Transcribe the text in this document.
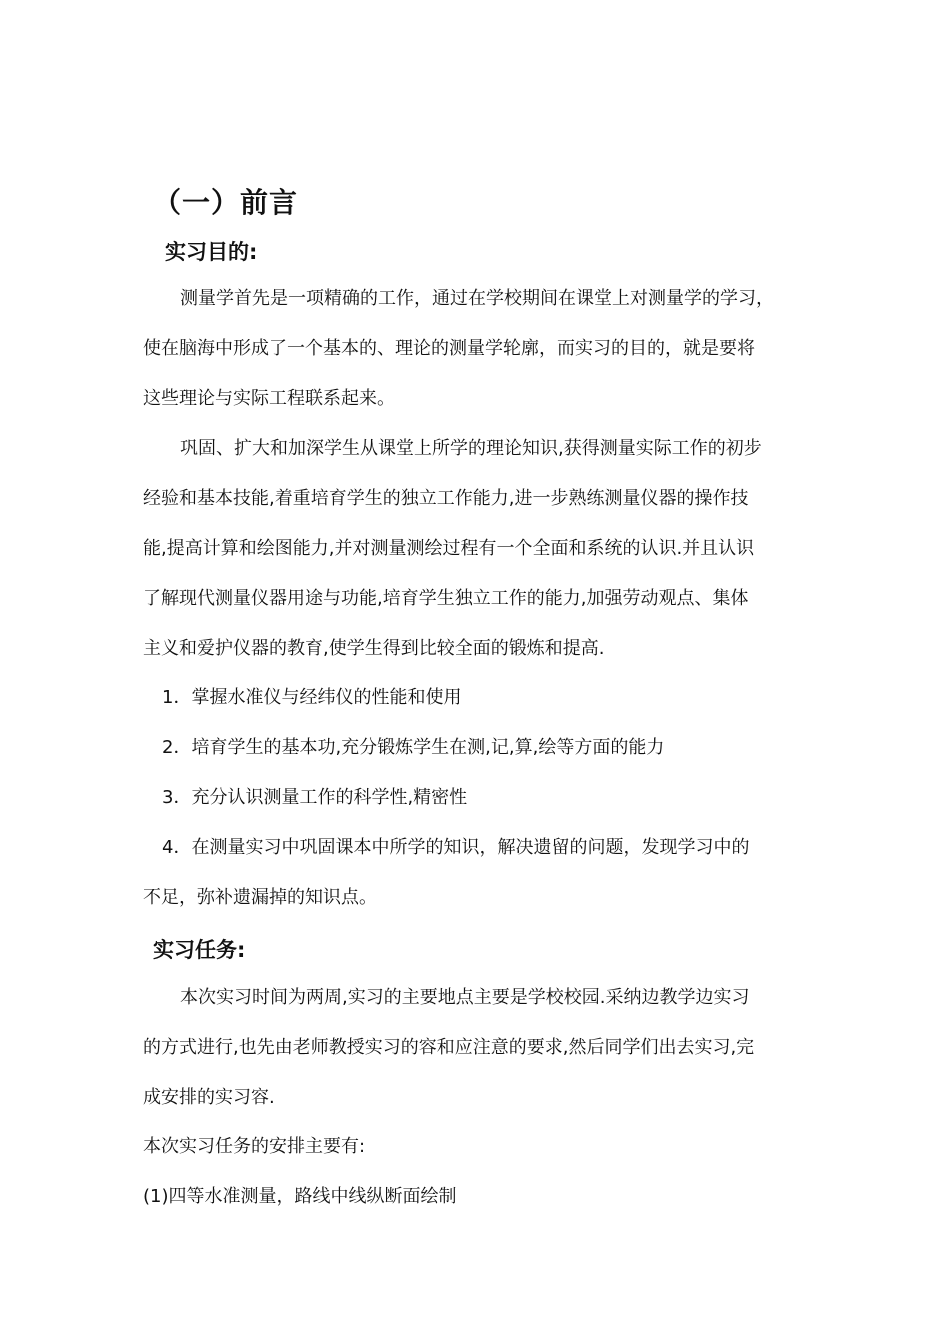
（一）前言
实习目的:
测量学首先是一项精确的工作，通过在学校期间在课堂上对测量学的学习，
使在脑海中形成了一个基本的、理论的测量学轮廓，而实习的目的，就是要将
这些理论与实际工程联系起来。
巩固、扩大和加深学生从课堂上所学的理论知识,获得测量实际工作的初步
经验和基本技能,着重培育学生的独立工作能力,进一步熟练测量仪器的操作技
能,提高计算和绘图能力,并对测量测绘过程有一个全面和系统的认识.并且认识
了解现代测量仪器用途与功能,培育学生独立工作的能力,加强劳动观点、集体
主义和爱护仪器的教育,使学生得到比较全面的锻炼和提高.
1．掌握水准仪与经纬仪的性能和使用
2．培育学生的基本功,充分锻炼学生在测,记,算,绘等方面的能力
3．充分认识测量工作的科学性,精密性
4．在测量实习中巩固课本中所学的知识，解决遗留的问题，发现学习中的
不足，弥补遗漏掉的知识点。
实习任务:
本次实习时间为两周,实习的主要地点主要是学校校园.采纳边教学边实习
的方式进行,也先由老师教授实习的容和应注意的要求,然后同学们出去实习,完
成安排的实习容.
本次实习任务的安排主要有:
(1)四等水准测量，路线中线纵断面绘制
